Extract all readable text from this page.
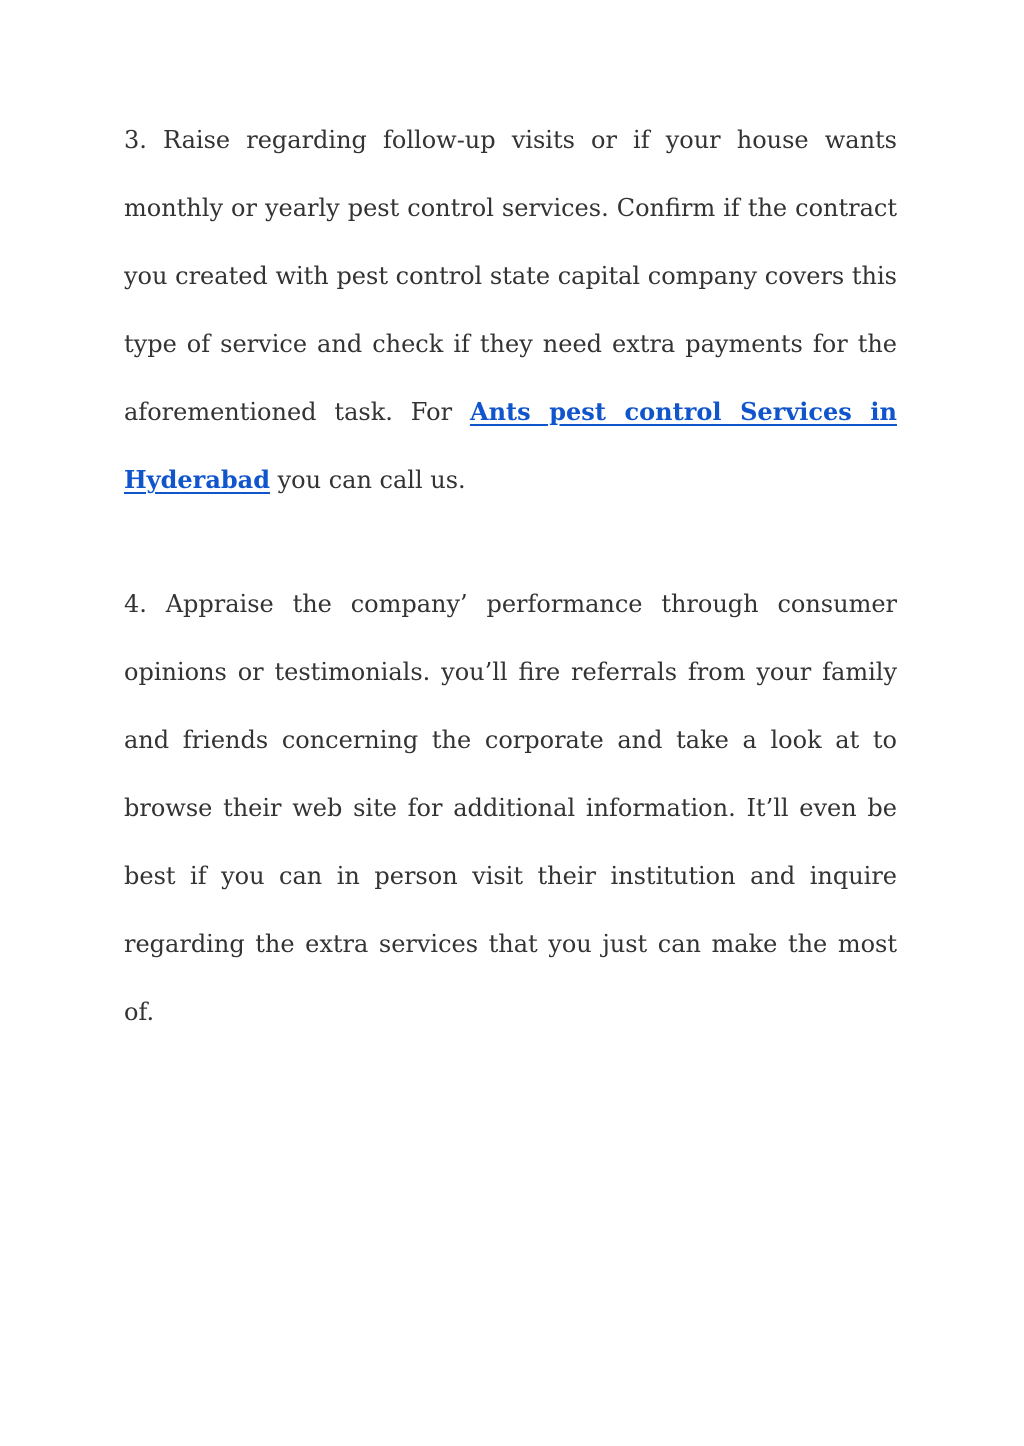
3. Raise regarding follow-up visits or if your house wants monthly or yearly pest control services. Confirm if the contract you created with pest control state capital company covers this type of service and check if they need extra payments for the aforementioned task. For Ants pest control Services in Hyderabad you can call us.

4. Appraise the company’ performance through consumer opinions or testimonials. you’ll fire referrals from your family and friends concerning the corporate and take a look at to browse their web site for additional information. It’ll even be best if you can in person visit their institution and inquire regarding the extra services that you just can make the most of.
